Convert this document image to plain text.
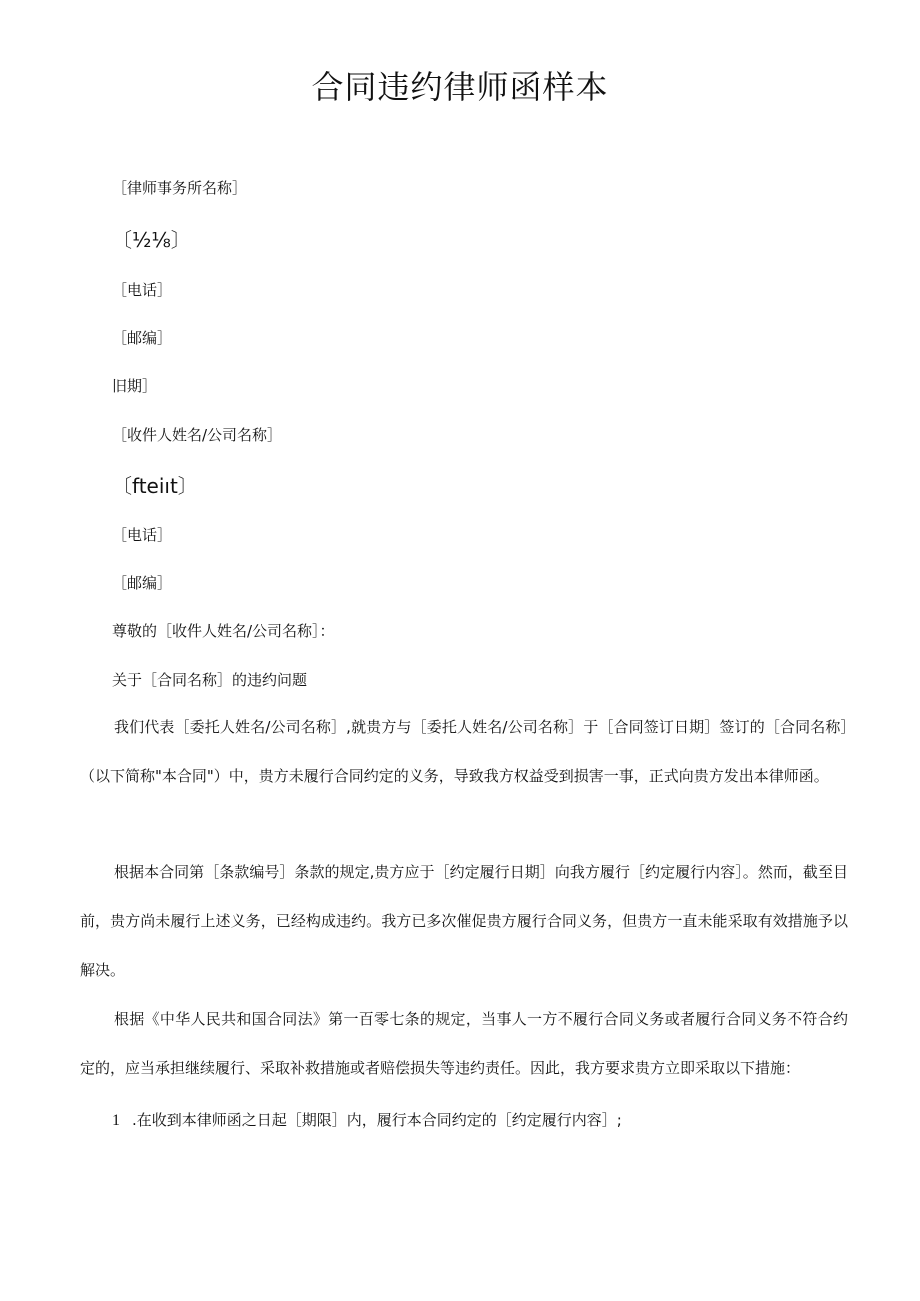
合同违约律师函样本
［律师事务所名称］
〔½⅛〕
［电话］
［邮编］
旧期］
［收件人姓名/公司名称］
〔fteiıt〕
［电话］
［邮编］
尊敬的［收件人姓名/公司名称］：
关于［合同名称］的违约问题

我们代表［委托人姓名/公司名称］,就贵方与［委托人姓名/公司名称］于［合同签订日期］签订的［合同名称］（以下简称"本合同"）中，贵方未履行合同约定的义务，导致我方权益受到损害一事，正式向贵方发出本律师函。

根据本合同第［条款编号］条款的规定,贵方应于［约定履行日期］向我方履行［约定履行内容］。然而，截至目前，贵方尚未履行上述义务，已经构成违约。我方已多次催促贵方履行合同义务，但贵方一直未能采取有效措施予以解决。

根据《中华人民共和国合同法》第一百零七条的规定，当事人一方不履行合同义务或者履行合同义务不符合约定的，应当承担继续履行、采取补救措施或者赔偿损失等违约责任。因此，我方要求贵方立即采取以下措施：

1 .在收到本律师函之日起［期限］内，履行本合同约定的［约定履行内容］;
